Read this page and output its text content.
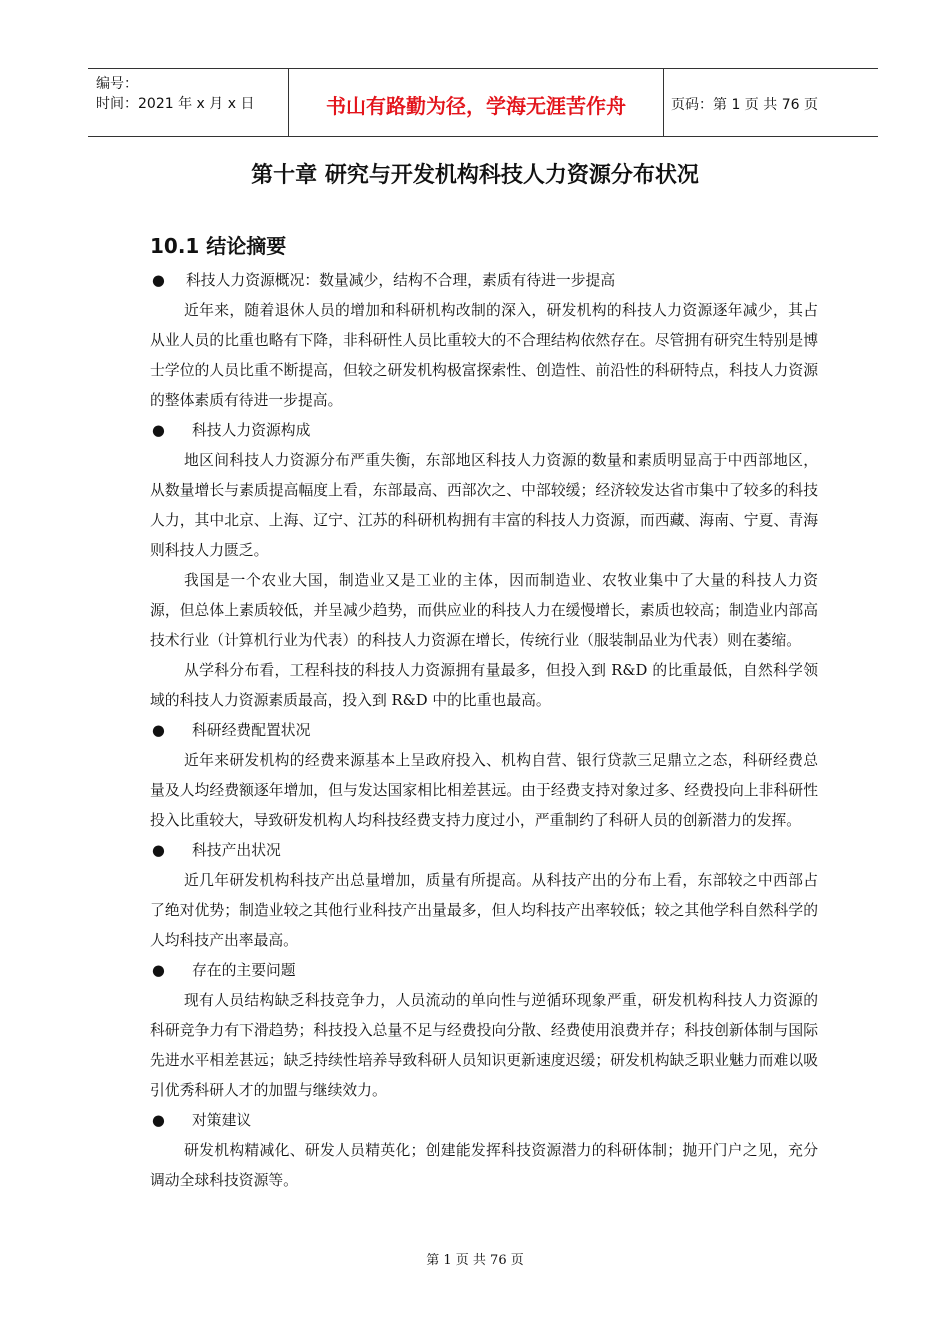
编号：
时间：2021 年 x 月 x 日	书山有路勤为径，学海无涯苦作舟	页码：第 1 页 共 76 页
第十章 研究与开发机构科技人力资源分布状况
10.1 结论摘要
● 科技人力资源概况：数量减少，结构不合理，素质有待进一步提高

近年来，随着退休人员的增加和科研机构改制的深入，研发机构的科技人力资源逐年减少，其占从业人员的比重也略有下降，非科研性人员比重较大的不合理结构依然存在。尽管拥有研究生特别是博士学位的人员比重不断提高，但较之研发机构极富探索性、创造性、前沿性的科研特点，科技人力资源的整体素质有待进一步提高。

● 科技人力资源构成

地区间科技人力资源分布严重失衡，东部地区科技人力资源的数量和素质明显高于中西部地区，从数量增长与素质提高幅度上看，东部最高、西部次之、中部较缓；经济较发达省市集中了较多的科技人力，其中北京、上海、辽宁、江苏的科研机构拥有丰富的科技人力资源，而西藏、海南、宁夏、青海则科技人力匮乏。

我国是一个农业大国，制造业又是工业的主体，因而制造业、农牧业集中了大量的科技人力资源，但总体上素质较低，并呈减少趋势，而供应业的科技人力在缓慢增长，素质也较高；制造业内部高技术行业（计算机行业为代表）的科技人力资源在增长，传统行业（服装制品业为代表）则在萎缩。

从学科分布看，工程科技的科技人力资源拥有量最多，但投入到 R&D 的比重最低，自然科学领域的科技人力资源素质最高，投入到 R&D 中的比重也最高。

● 科研经费配置状况

近年来研发机构的经费来源基本上呈政府投入、机构自营、银行贷款三足鼎立之态，科研经费总量及人均经费额逐年增加，但与发达国家相比相差甚远。由于经费支持对象过多、经费投向上非科研性投入比重较大，导致研发机构人均科技经费支持力度过小，严重制约了科研人员的创新潜力的发挥。

● 科技产出状况

近几年研发机构科技产出总量增加，质量有所提高。从科技产出的分布上看，东部较之中西部占了绝对优势；制造业较之其他行业科技产出量最多，但人均科技产出率较低；较之其他学科自然科学的人均科技产出率最高。

● 存在的主要问题

现有人员结构缺乏科技竞争力，人员流动的单向性与逆循环现象严重，研发机构科技人力资源的科研竞争力有下滑趋势；科技投入总量不足与经费投向分散、经费使用浪费并存；科技创新体制与国际先进水平相差甚远；缺乏持续性培养导致科研人员知识更新速度迟缓；研发机构缺乏职业魅力而难以吸引优秀科研人才的加盟与继续效力。

● 对策建议

研发机构精减化、研发人员精英化；创建能发挥科技资源潜力的科研体制；抛开门户之见，充分调动全球科技资源等。

第 1 页 共 76 页
